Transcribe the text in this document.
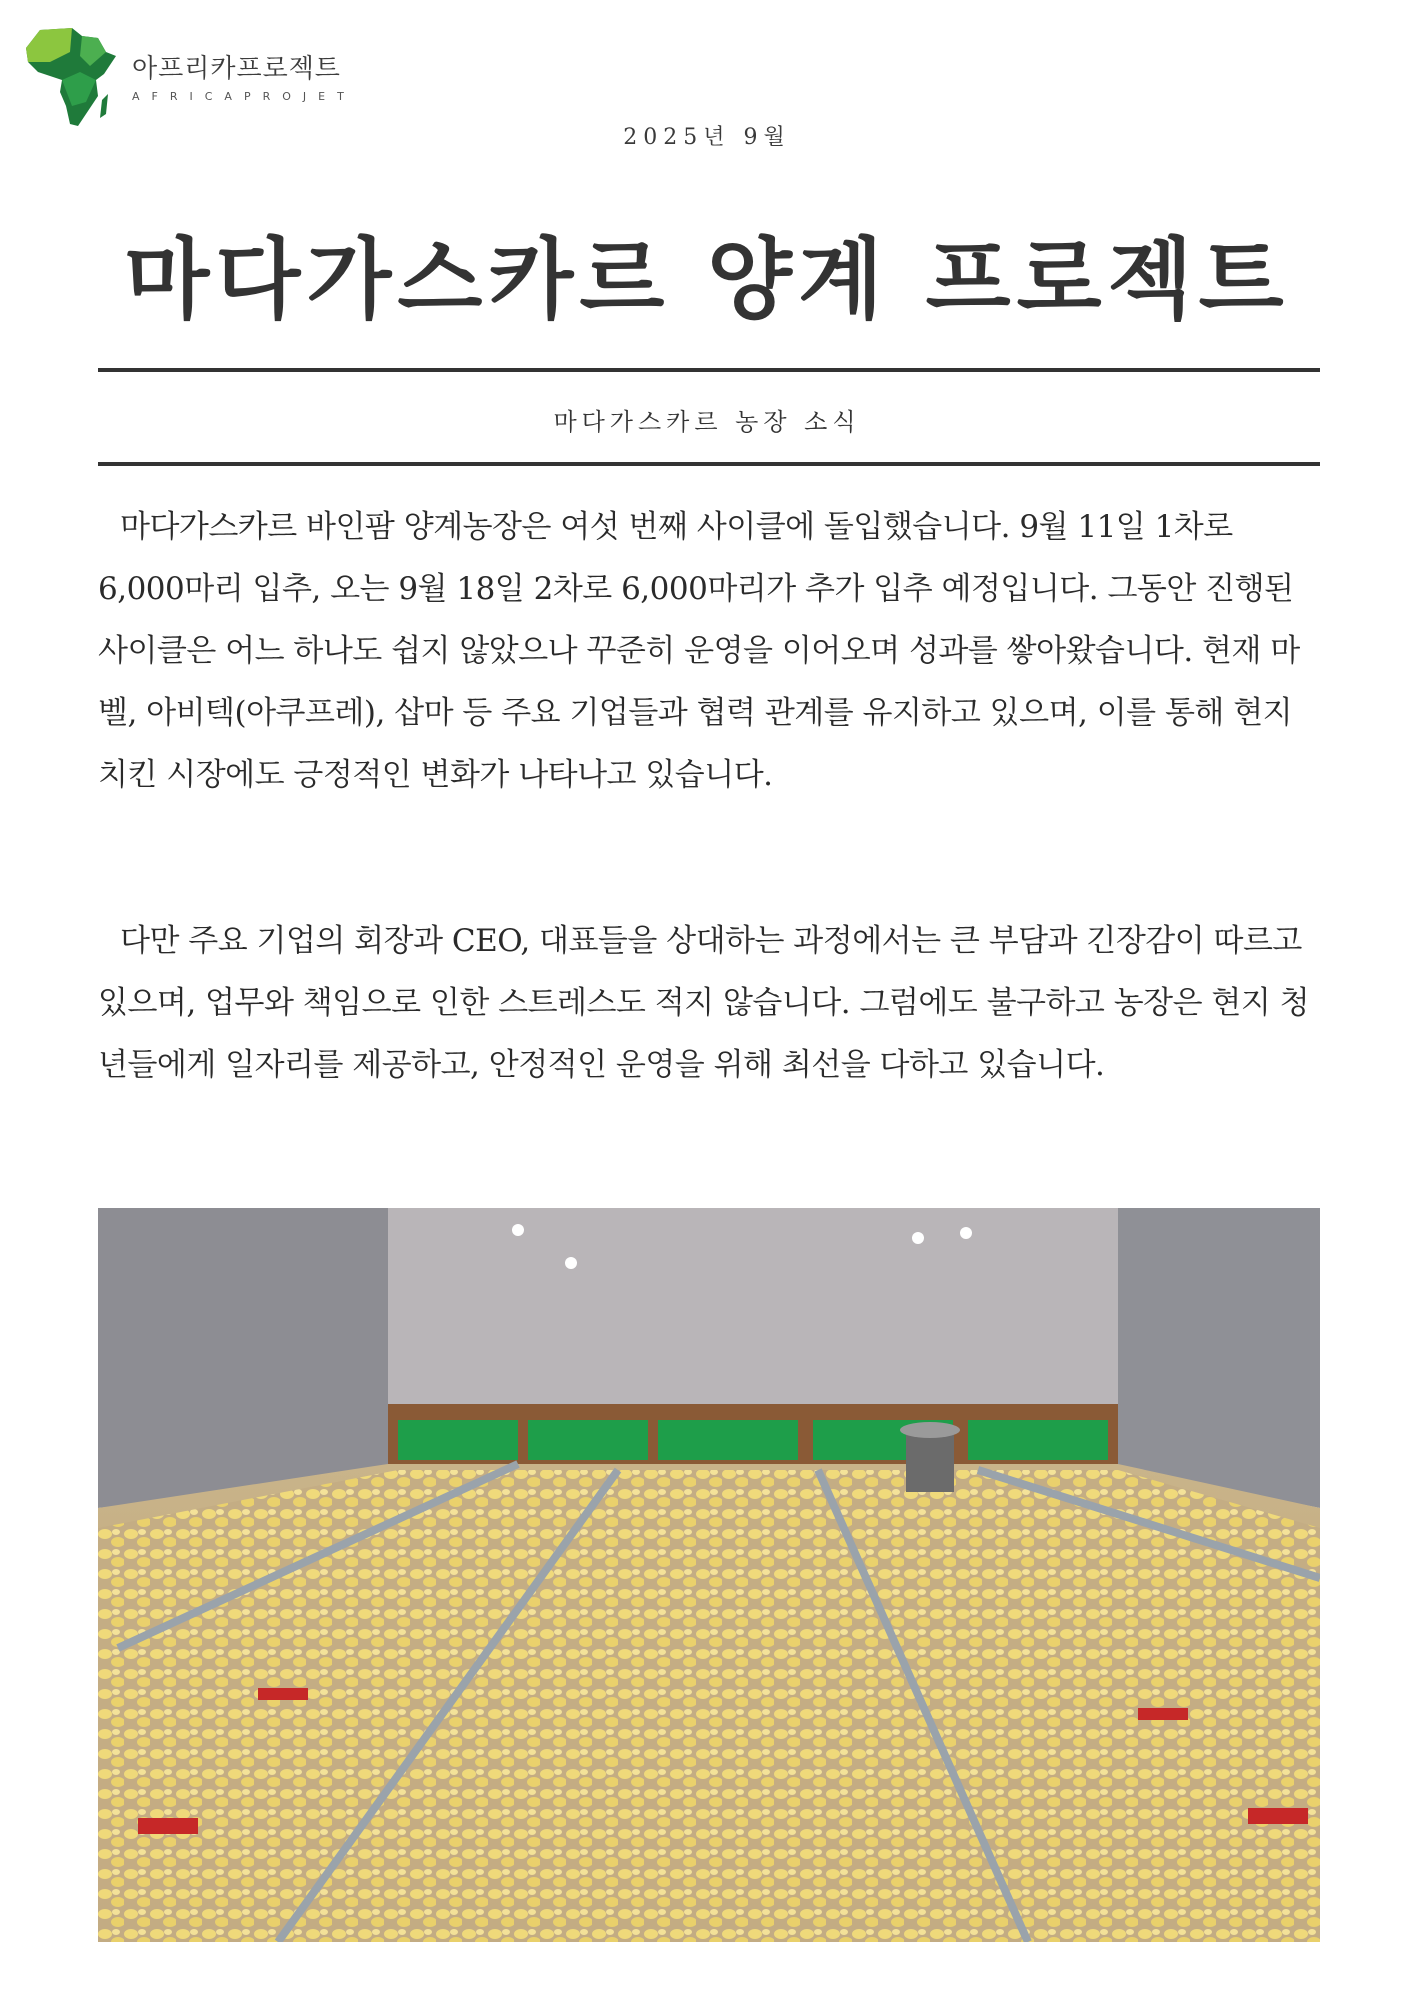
아프리카프로젝트
AFRICAPROJET
2025년 9월
마다가스카르 양계 프로젝트
마다가스카르 농장 소식

마다가스카르 바인팜 양계농장은 여섯 번째 사이클에 돌입했습니다. 9월 11일 1차로 6,000마리 입추, 오는 9월 18일 2차로 6,000마리가 추가 입추 예정입니다. 그동안 진행된 사이클은 어느 하나도 쉽지 않았으나 꾸준히 운영을 이어오며 성과를 쌓아왔습니다. 현재 마벨, 아비텍(아쿠프레), 삽마 등 주요 기업들과 협력 관계를 유지하고 있으며, 이를 통해 현지 치킨 시장에도 긍정적인 변화가 나타나고 있습니다.

다만 주요 기업의 회장과 CEO, 대표들을 상대하는 과정에서는 큰 부담과 긴장감이 따르고 있으며, 업무와 책임으로 인한 스트레스도 적지 않습니다. 그럼에도 불구하고 농장은 현지 청년들에게 일자리를 제공하고, 안정적인 운영을 위해 최선을 다하고 있습니다.
